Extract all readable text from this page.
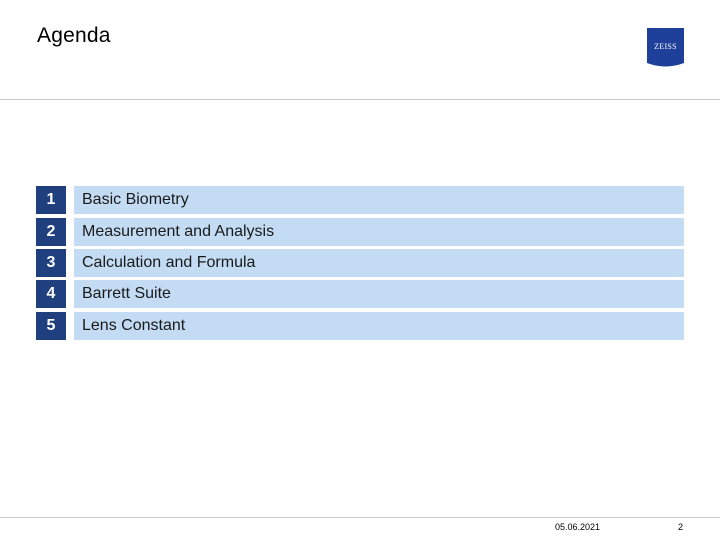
Agenda	ZEISS
1	Basic Biometry
2	Measurement and Analysis
3	Calculation and Formula
4	Barrett Suite
5	Lens Constant
05.06.2021	2
